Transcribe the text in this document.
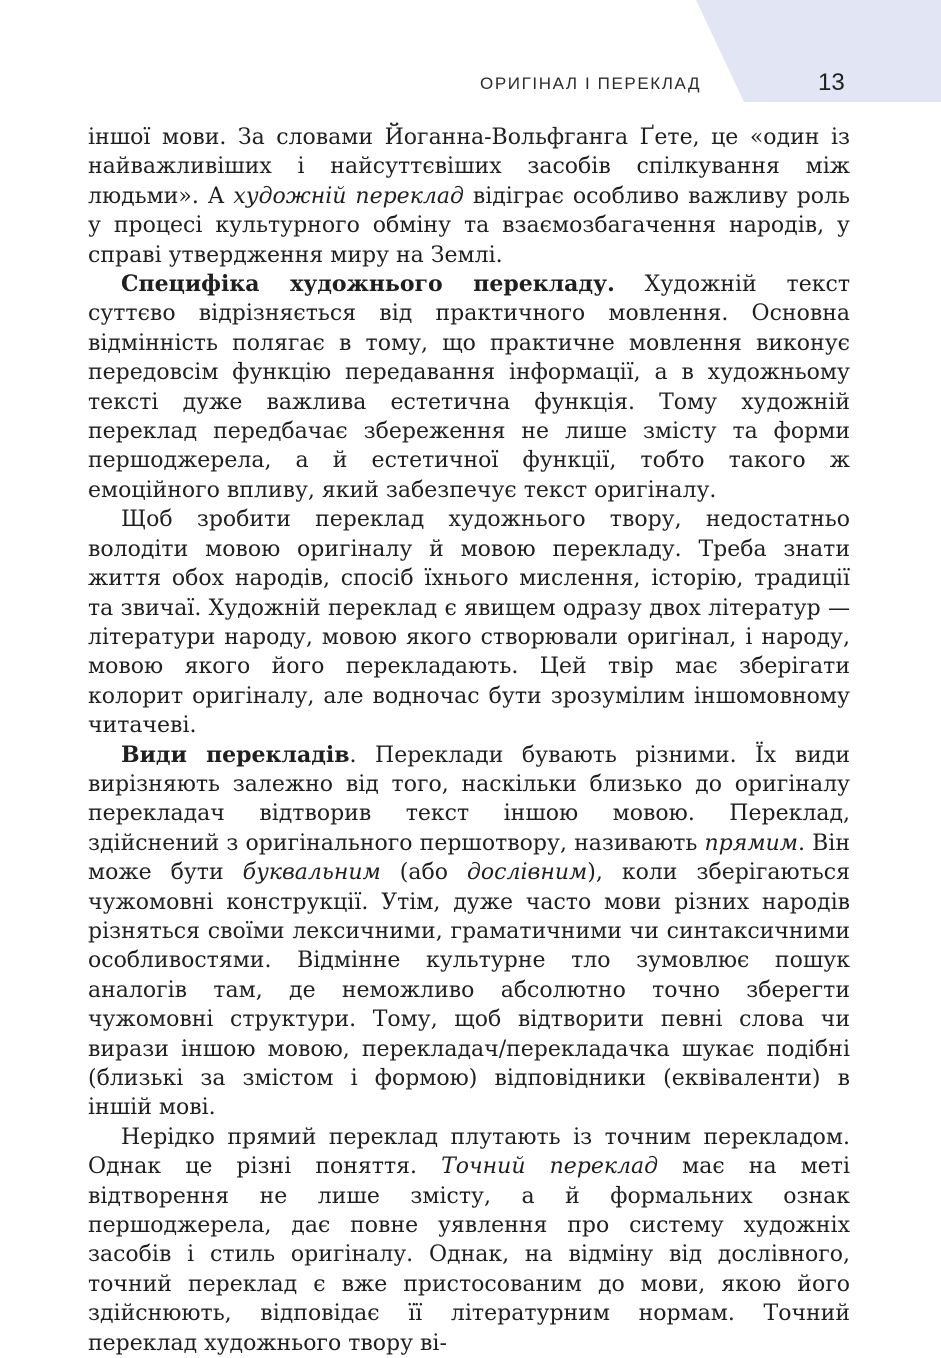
ОРИГІНАЛ І ПЕРЕКЛАД	13

іншої мови. За словами Йоганна-Вольфганга Ґете, це «один із найважливіших і найсуттєвіших засобів спілкування між людьми». А художній переклад відіграє особливо важливу роль у процесі культурного обміну та взаємозбагачення народів, у справі утвердження миру на Землі.

Специфіка художнього перекладу. Художній текст суттєво відрізняється від практичного мовлення. Основна відмінність полягає в тому, що практичне мовлення виконує передовсім функцію передавання інформації, а в художньому тексті дуже важлива естетична функція. Тому художній переклад передбачає збереження не лише змісту та форми першоджерела, а й естетичної функції, тобто такого ж емоційного впливу, який забезпечує текст оригіналу.

Щоб зробити переклад художнього твору, недостатньо володіти мовою оригіналу й мовою перекладу. Треба знати життя обох народів, спосіб їхнього мислення, історію, традиції та звичаї. Художній переклад є явищем одразу двох літератур — літератури народу, мовою якого створювали оригінал, і народу, мовою якого його перекладають. Цей твір має зберігати колорит оригіналу, але водночас бути зрозумілим іншомовному читачеві.

Види перекладів. Переклади бувають різними. Їх види вирізняють залежно від того, наскільки близько до оригіналу перекладач відтворив текст іншою мовою. Переклад, здійснений з оригінального першотвору, називають прямим. Він може бути буквальним (або дослівним), коли зберігаються чужомовні конструкції. Утім, дуже часто мови різних народів різняться своїми лексичними, граматичними чи синтаксичними особливостями. Відмінне культурне тло зумовлює пошук аналогів там, де неможливо абсолютно точно зберегти чужомовні структури. Тому, щоб відтворити певні слова чи вирази іншою мовою, перекладач/перекладачка шукає подібні (близькі за змістом і формою) відповідники (еквіваленти) в іншій мові.

Нерідко прямий переклад плутають із точним перекладом. Однак це різні поняття. Точний переклад має на меті відтворення не лише змісту, а й формальних ознак першоджерела, дає повне уявлення про систему художніх засобів і стиль оригіналу. Однак, на відміну від дослівного, точний переклад є вже пристосованим до мови, якою його здійснюють, відповідає її літературним нормам. Точний переклад художнього твору ві-
